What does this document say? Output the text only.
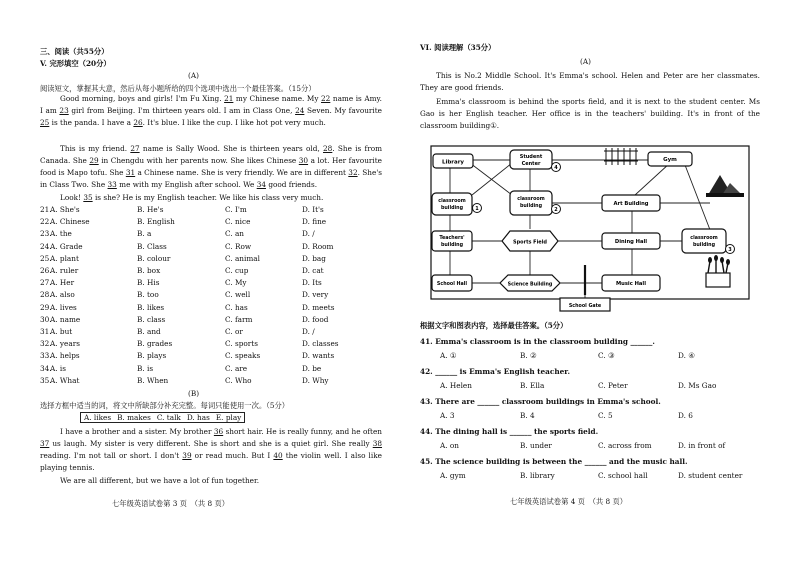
三、阅读（共55分）
V. 完形填空（20分）
(A)
阅读短文，掌握其大意，然后从每小题所给的四个选项中选出一个最佳答案。（15分）
Good morning, boys and girls! I'm Fu Xing. 21 my Chinese name. My 22 name is Amy. I am 23 girl from Beijing. I'm thirteen years old. I am in Class One, 24 Seven. My favourite 25 is the panda. I have a 26. It's blue. I like the cup. I like hot pot very much.
This is my friend. 27 name is Sally Wood. She is thirteen years old, 28. She is from Canada. She 29 in Chengdu with her parents now. She likes Chinese 30 a lot. Her favourite food is Mapo tofu. She 31 a Chinese name. She is very friendly. We are in different 32. She's in Class Two. She 33 me with my English after school. We 34 good friends.
Look! 35 is she? He is my English teacher. We like his class very much.
21.
A. She's	B. He's	C. I'm	D. It's
22.
A. Chinese	B. English	C. nice	D. fine
23.
A. the	B. a	C. an	D. /
24.
A. Grade	B. Class	C. Row	D. Room
25.
A. plant	B. colour	C. animal	D. bag
26.
A. ruler	B. box	C. cup	D. cat
27.
A. Her	B. His	C. My	D. Its
28.
A. also	B. too	C. well	D. very
29.
A. lives	B. likes	C. has	D. meets
30.
A. name	B. class	C. farm	D. food
31.
A. but	B. and	C. or	D. /
32.
A. years	B. grades	C. sports	D. classes
33.
A. helps	B. plays	C. speaks	D. wants
34.
A. is	B. is	C. are	D. be
35.
A. What	B. When	C. Who	D. Why
(B)
选择方框中适当的词，将文中所缺部分补充完整。每词只能使用一次。（5分）
A. likes B. makes C. talk D. has E. play
I have a brother and a sister. My brother 36 short hair. He is really funny, and he often 37 us laugh. My sister is very different. She is short and she is a quiet girl. She really 38 reading. I'm not tall or short. I don't 39 or read much. But I 40 the violin well. I also like playing tennis.
We are all different, but we have a lot of fun together.
七年级英语试卷第 3 页　（共 8 页）
VI. 阅读理解（35分）
(A)
This is No.2 Middle School. It's Emma's school. Helen and Peter are her classmates. They are good friends.
Emma's classroom is behind the sports field, and it is next to the student center. Ms Gao is her English teacher. Her office is in the teachers' building. It's in front of the classroom building①.
Library
Student
Center
4
Gym
classroom
building 1
classroom
building
2
Art Building
Teachers'
building	Sports Field	Dining Hall
classroom
building
3
School Hall	Science Building	Music Hall
School Gate
根据文字和图表内容，选择最佳答案。（5分）
41. Emma's classroom is in the classroom building ______.
A. ①	B. ②	C. ③	D. ④
42. ______ is Emma's English teacher.
A. Helen	B. Ella	C. Peter	D. Ms Gao
43. There are ______ classroom buildings in Emma's school.
A. 3	B. 4	C. 5	D. 6
44. The dining hall is ______ the sports field.
A. on	B. under	C. across from	D. in front of
45. The science building is between the ______ and the music hall.
A. gym	B. library	C. school hall	D. student center
七年级英语试卷第 4 页　（共 8 页）
